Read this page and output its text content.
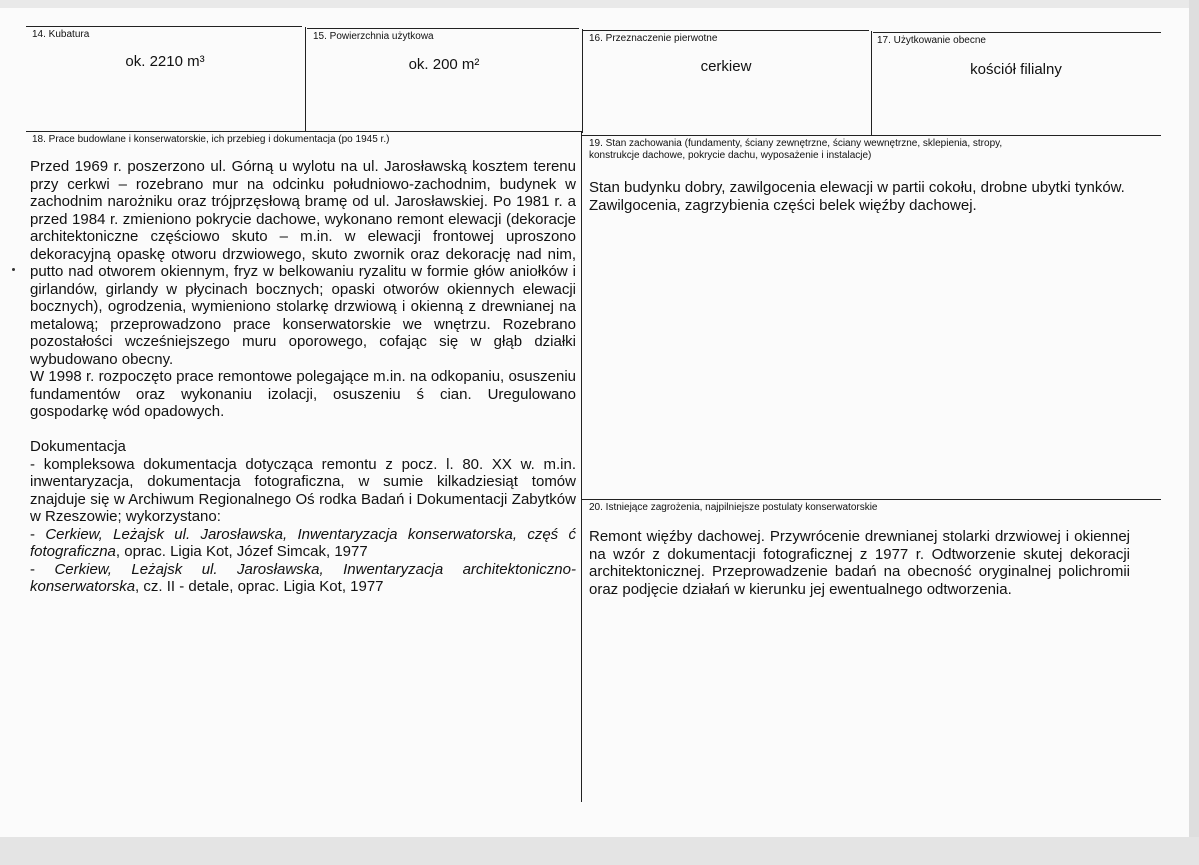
14. Kubatura
ok. 2210 m³
15. Powierzchnia użytkowa
ok. 200 m²
16. Przeznaczenie pierwotne
cerkiew
17. Użytkowanie obecne
kościół filialny
18. Prace budowlane i konserwatorskie, ich przebieg i dokumentacja (po 1945 r.)

Przed 1969 r. poszerzono ul. Górną u wylotu na ul. Jarosławską kosztem terenu przy cerkwi – rozebrano mur na odcinku południowo-zachodnim, budynek w zachodnim narożniku oraz trójprzęsłową bramę od ul. Jarosławskiej. Po 1981 r. a przed 1984 r. zmieniono pokrycie dachowe, wykonano remont elewacji (dekoracje architektoniczne częściowo skuto – m.in. w elewacji frontowej uproszono dekoracyjną opaskę otworu drzwiowego, skuto zwornik oraz dekorację nad nim, putto nad otworem okiennym, fryz w belkowaniu ryzalitu w formie głów aniołków i girlandów, girlandy w płycinach bocznych; opaski otworów okiennych elewacji bocznych), ogrodzenia, wymieniono stolarkę drzwiową i okienną z drewnianej na metalową; przeprowadzono prace konserwatorskie we wnętrzu. Rozebrano pozostałości wcześniejszego muru oporowego, cofając się w głąb działki wybudowano obecny.

W 1998 r. rozpoczęto prace remontowe polegające m.in. na odkopaniu, osuszeniu fundamentów oraz wykonaniu izolacji, osuszeniu ś cian. Uregulowano gospodarkę wód opadowych.

Dokumentacja

- kompleksowa dokumentacja dotycząca remontu z pocz. l. 80. XX w. m.in. inwentaryzacja, dokumentacja fotograficzna, w sumie kilkadziesiąt tomów znajduje się w Archiwum Regionalnego Oś rodka Badań i Dokumentacji Zabytków w Rzeszowie; wykorzystano:

- Cerkiew, Leżajsk ul. Jarosławska, Inwentaryzacja konserwatorska, częś ć fotograficzna, oprac. Ligia Kot, Józef Simcak, 1977

- Cerkiew, Leżajsk ul. Jarosławska, Inwentaryzacja architektoniczno-konserwatorska, cz. II - detale, oprac. Ligia Kot, 1977

19. Stan zachowania (fundamenty, ściany zewnętrzne, ściany wewnętrzne, sklepienia, stropy,
konstrukcje dachowe, pokrycie dachu, wyposażenie i instalacje)

Stan budynku dobry, zawilgocenia elewacji w partii cokołu, drobne ubytki tynków. Zawilgocenia, zagrzybienia części belek więźby dachowej.

20. Istniejące zagrożenia, najpilniejsze postulaty konserwatorskie

Remont więźby dachowej. Przywrócenie drewnianej stolarki drzwiowej i okiennej na wzór z dokumentacji fotograficznej z 1977 r. Odtworzenie skutej dekoracji architektonicznej. Przeprowadzenie badań na obecność oryginalnej polichromii oraz podjęcie działań w kierunku jej ewentualnego odtworzenia.
